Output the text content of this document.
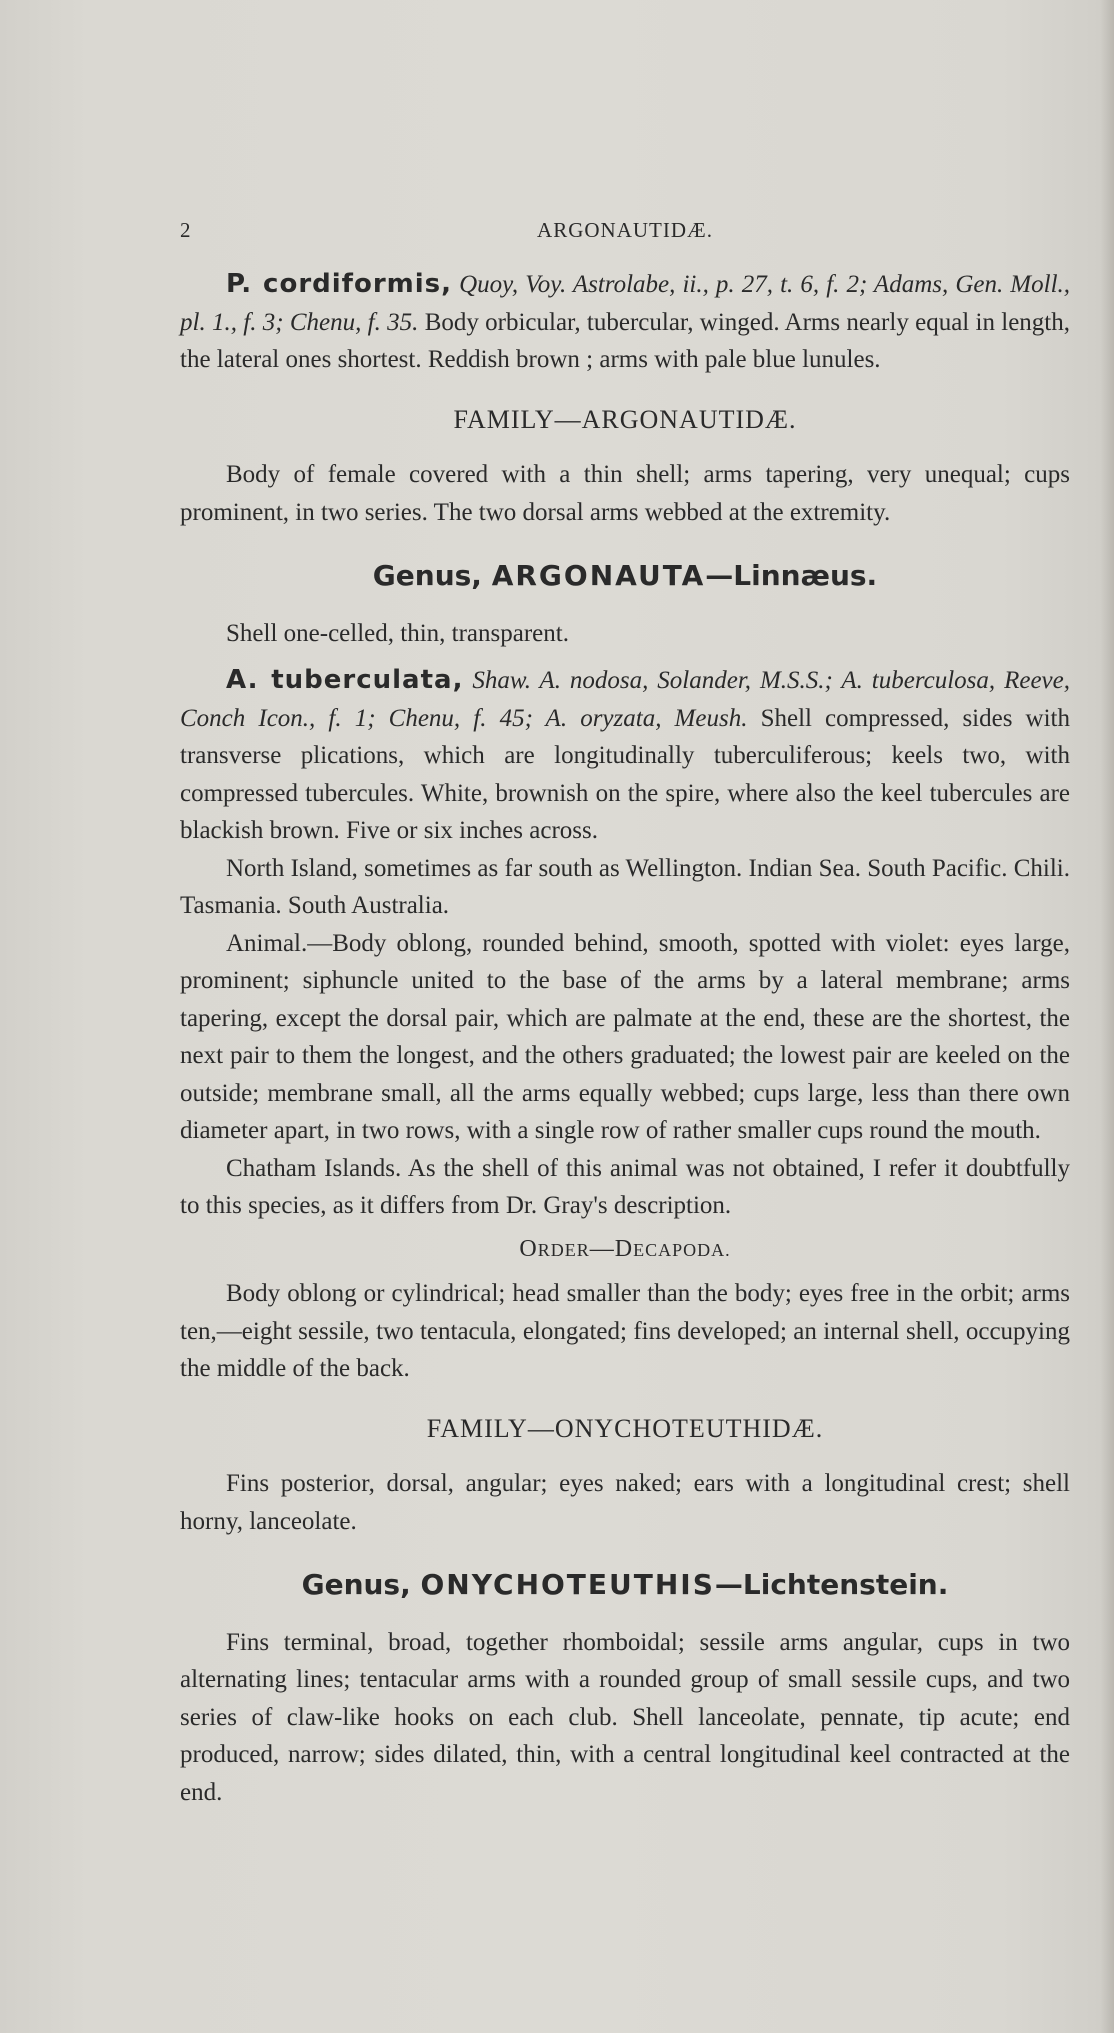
2	ARGONAUTIDÆ.

P. cordiformis, Quoy, Voy. Astrolabe, ii., p. 27, t. 6, f. 2; Adams, Gen. Moll., pl. 1., f. 3; Chenu, f. 35. Body orbicular, tubercular, winged. Arms nearly equal in length, the lateral ones shortest. Reddish brown ; arms with pale blue lunules.

FAMILY—ARGONAUTIDÆ.

Body of female covered with a thin shell; arms tapering, very unequal; cups prominent, in two series. The two dorsal arms webbed at the extremity.

Genus, ARGONAUTA—Linnæus.

Shell one-celled, thin, transparent.

A. tuberculata, Shaw. A. nodosa, Solander, M.S.S.; A. tuberculosa, Reeve, Conch Icon., f. 1; Chenu, f. 45; A. oryzata, Meush. Shell compressed, sides with transverse plications, which are longitudinally tuberculiferous; keels two, with compressed tubercules. White, brownish on the spire, where also the keel tubercules are blackish brown. Five or six inches across.

North Island, sometimes as far south as Wellington. Indian Sea. South Pacific. Chili. Tasmania. South Australia.

Animal.—Body oblong, rounded behind, smooth, spotted with violet: eyes large, prominent; siphuncle united to the base of the arms by a lateral membrane; arms tapering, except the dorsal pair, which are palmate at the end, these are the shortest, the next pair to them the longest, and the others graduated; the lowest pair are keeled on the outside; membrane small, all the arms equally webbed; cups large, less than there own diameter apart, in two rows, with a single row of rather smaller cups round the mouth.

Chatham Islands. As the shell of this animal was not obtained, I refer it doubtfully to this species, as it differs from Dr. Gray's description.

ORDER—DECAPODA.

Body oblong or cylindrical; head smaller than the body; eyes free in the orbit; arms ten,—eight sessile, two tentacula, elongated; fins developed; an internal shell, occupying the middle of the back.

FAMILY—ONYCHOTEUTHIDÆ.

Fins posterior, dorsal, angular; eyes naked; ears with a longitudinal crest; shell horny, lanceolate.

Genus, ONYCHOTEUTHIS—Lichtenstein.

Fins terminal, broad, together rhomboidal; sessile arms angular, cups in two alternating lines; tentacular arms with a rounded group of small sessile cups, and two series of claw-like hooks on each club. Shell lanceolate, pennate, tip acute; end produced, narrow; sides dilated, thin, with a central longitudinal keel contracted at the end.
